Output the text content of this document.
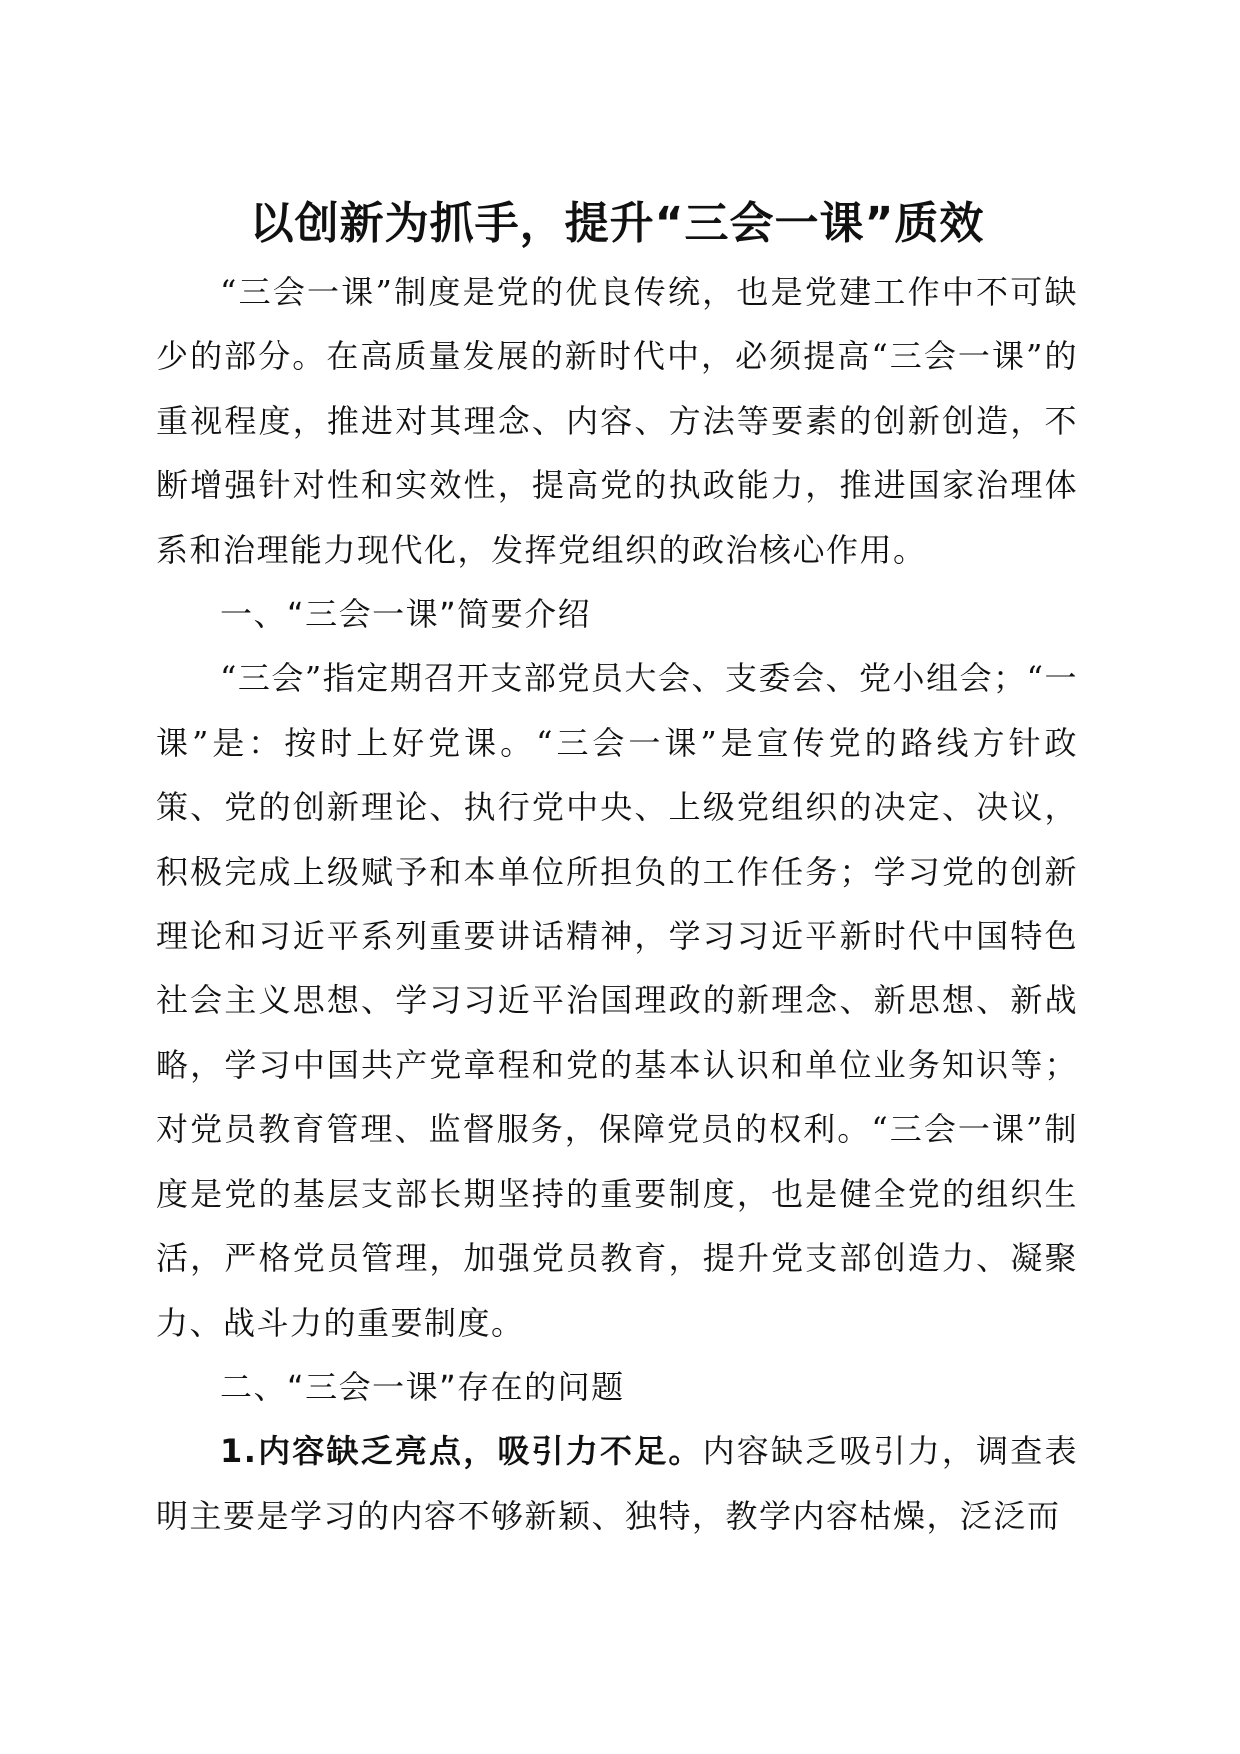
以创新为抓手，提升“三会一课”质效

“三会一课”制度是党的优良传统，也是党建工作中不可缺少的部分。在高质量发展的新时代中，必须提高“三会一课”的重视程度，推进对其理念、内容、方法等要素的创新创造，不断增强针对性和实效性，提高党的执政能力，推进国家治理体系和治理能力现代化，发挥党组织的政治核心作用。

一、“三会一课”简要介绍

“三会”指定期召开支部党员大会、支委会、党小组会；“一课”是：按时上好党课。“三会一课”是宣传党的路线方针政策、党的创新理论、执行党中央、上级党组织的决定、决议，积极完成上级赋予和本单位所担负的工作任务；学习党的创新理论和习近平系列重要讲话精神，学习习近平新时代中国特色社会主义思想、学习习近平治国理政的新理念、新思想、新战略，学习中国共产党章程和党的基本认识和单位业务知识等；对党员教育管理、监督服务，保障党员的权利。“三会一课”制度是党的基层支部长期坚持的重要制度，也是健全党的组织生活，严格党员管理，加强党员教育，提升党支部创造力、凝聚力、战斗力的重要制度。

二、“三会一课”存在的问题

1.内容缺乏亮点，吸引力不足。内容缺乏吸引力，调查表明主要是学习的内容不够新颖、独特，教学内容枯燥，泛泛而
